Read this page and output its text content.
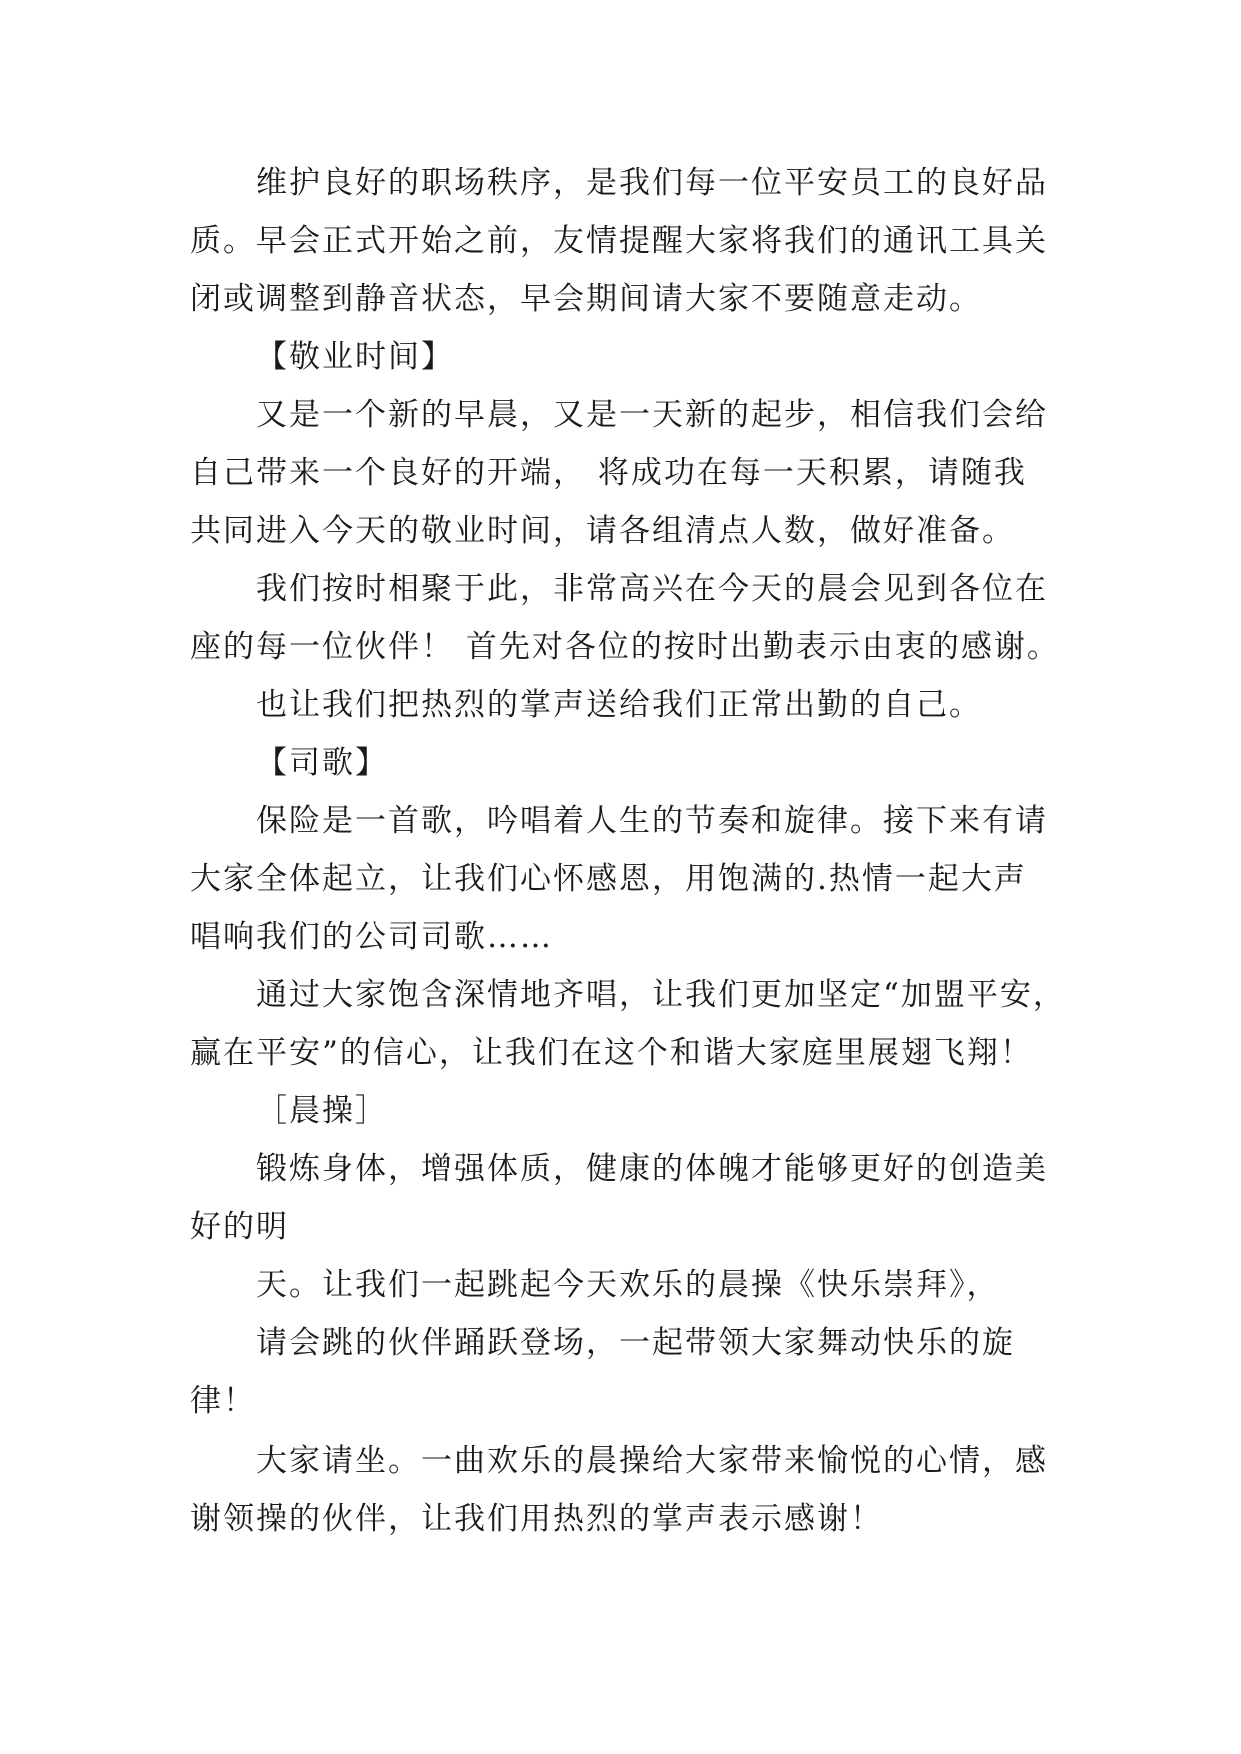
维护良好的职场秩序，是我们每一位平安员工的良好品
质。早会正式开始之前，友情提醒大家将我们的通讯工具关
闭或调整到静音状态，早会期间请大家不要随意走动。

【敬业时间】

又是一个新的早晨，又是一天新的起步，相信我们会给
自己带来一个良好的开端， 将成功在每一天积累，请随我
共同进入今天的敬业时间，请各组清点人数，做好准备。

我们按时相聚于此，非常高兴在今天的晨会见到各位在
座的每一位伙伴！ 首先对各位的按时出勤表示由衷的感谢。

也让我们把热烈的掌声送给我们正常出勤的自己。

【司歌】

保险是一首歌，吟唱着人生的节奏和旋律。接下来有请
大家全体起立，让我们心怀感恩，用饱满的.热情一起大声
唱响我们的公司司歌……

通过大家饱含深情地齐唱，让我们更加坚定“加盟平安，
赢在平安”的信心，让我们在这个和谐大家庭里展翅飞翔！

［晨操］

锻炼身体，增强体质，健康的体魄才能够更好的创造美
好的明

天。让我们一起跳起今天欢乐的晨操《快乐崇拜》，

请会跳的伙伴踊跃登场，一起带领大家舞动快乐的旋
律！

大家请坐。一曲欢乐的晨操给大家带来愉悦的心情，感
谢领操的伙伴，让我们用热烈的掌声表示感谢！
